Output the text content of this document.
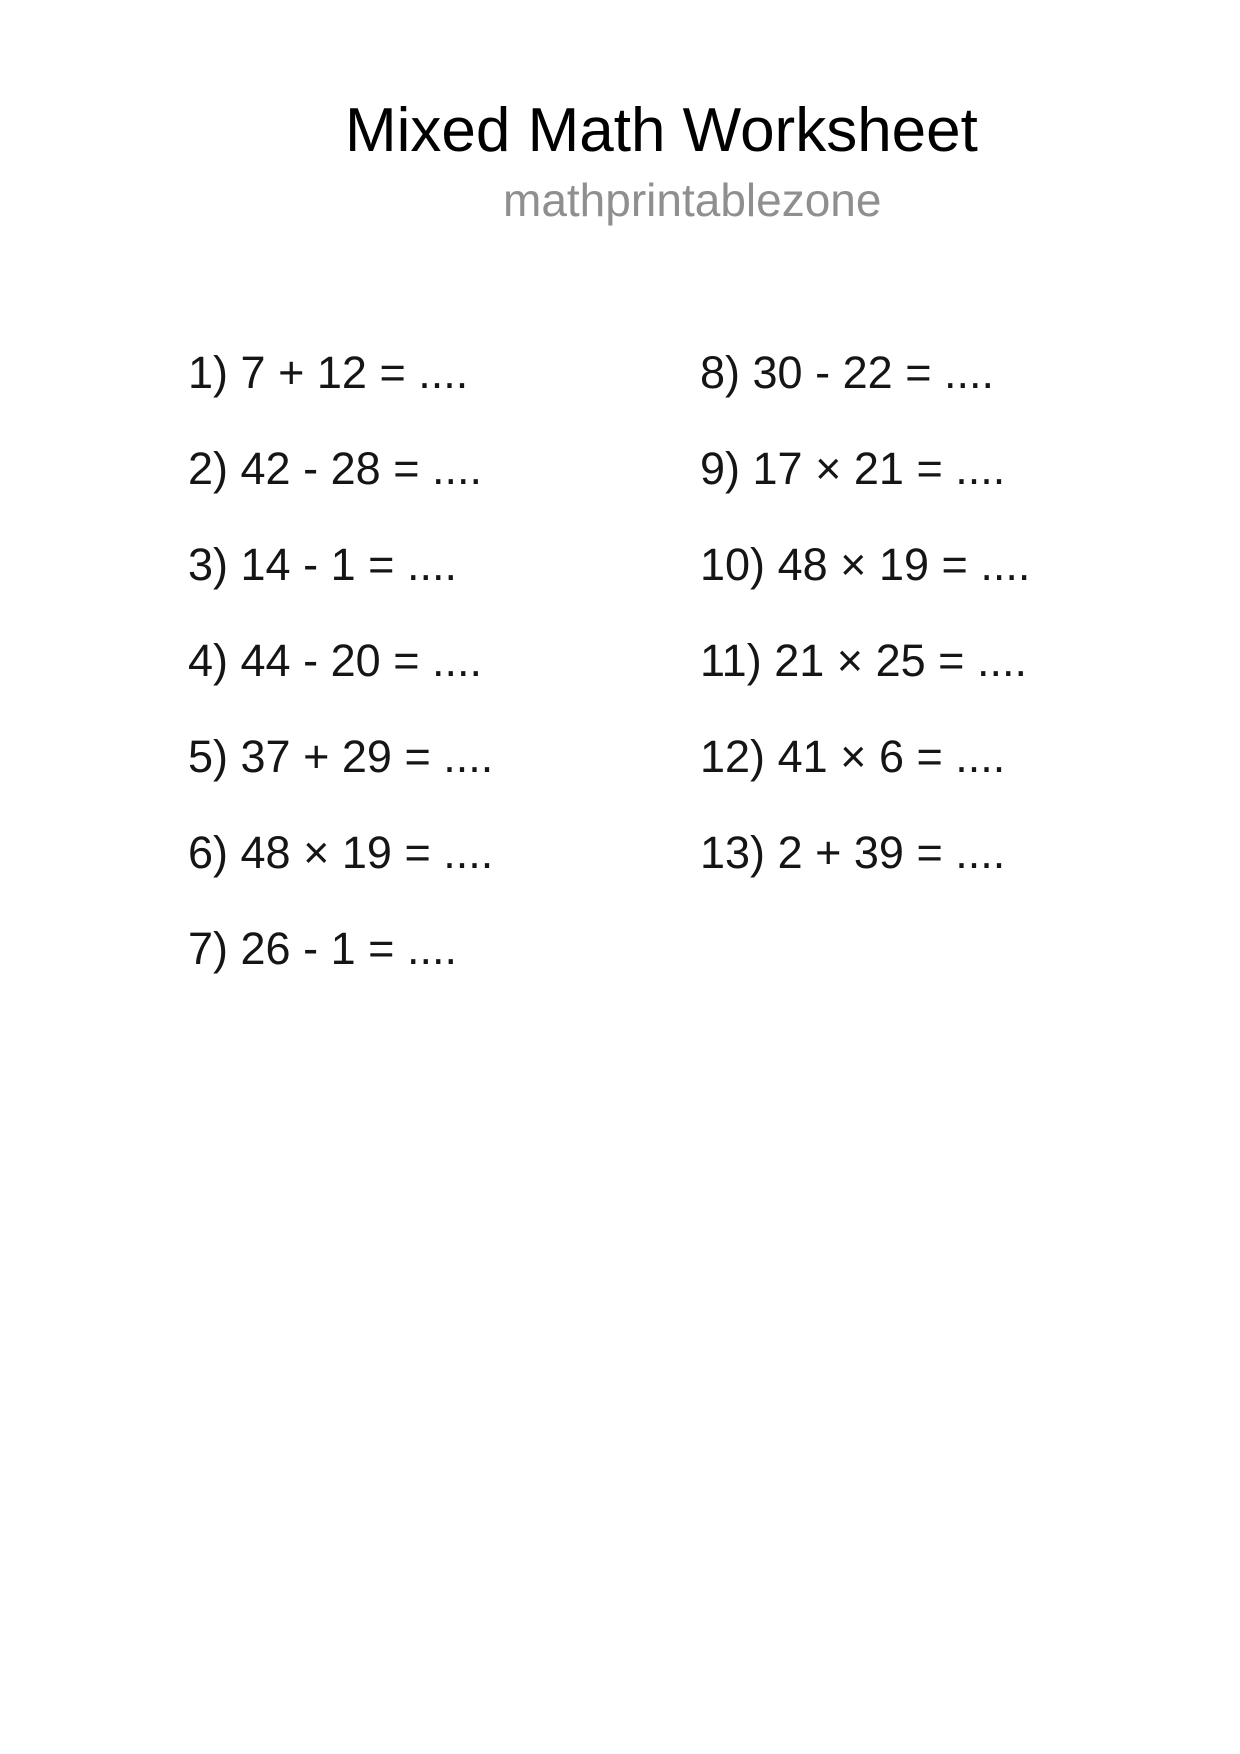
Mixed Math Worksheet
mathprintablezone
1) 7 + 12 = ....
2) 42 - 28 = ....
3) 14 - 1 = ....
4) 44 - 20 = ....
5) 37 + 29 = ....
6) 48 × 19 = ....
7) 26 - 1 = ....
8) 30 - 22 = ....
9) 17 × 21 = ....
10) 48 × 19 = ....
11) 21 × 25 = ....
12) 41 × 6 = ....
13) 2 + 39 = ....
